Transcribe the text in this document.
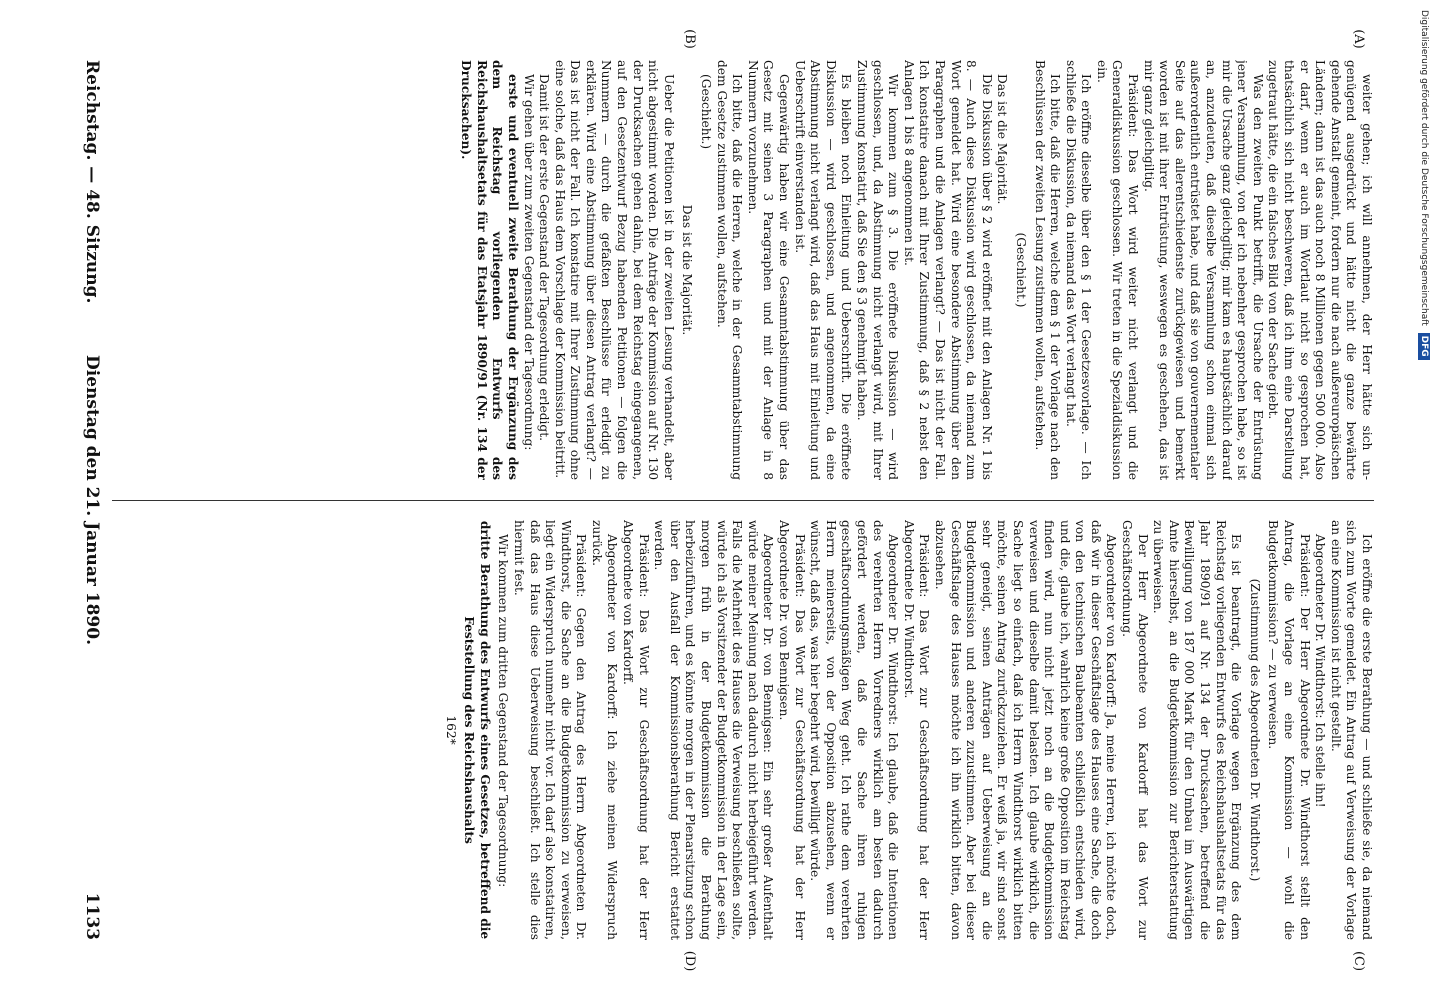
Reichstag. — 48. Sitzung.
Dienstag den 21. Januar 1890.
1133
(A)
(B)
(C)
(D)

weiter gehen; ich will annehmen, der Herr hätte sich ungenügend ausgedrückt und hätte nicht die ganze bewährte gehende Anstalt gemeint, fordern nur die nach außereuropäischen Ländern; dann ist das auch noch 8 Millionen gegen 500 000. Also er darf, wenn er auch im Wortlaut nicht so gesprochen hat, thatsächlich sich nicht beschweren, daß ich ihm eine Darstellung zugetraut hätte, die ein falsches Bild von der Sache giebt.

Was den zweiten Punkt betrifft, die Ursache der Entrüstung jener Versammlung, von der ich nebenher gesprochen habe, so ist mir die Ursache ganz gleichgiltig; mir kam es hauptsächlich darauf an, anzudeuten, daß dieselbe Versammlung schon einmal sich außerordentlich entrüstet habe, und daß sie von gouvernementaler Seite auf das allerentschiedenste zurückgewiesen und bemerkt worden ist mit ihrer Entrüstung, weswegen es geschehen, das ist mir ganz gleichgiltig.

Präsident: Das Wort wird weiter nicht verlangt und die Generaldiskussion geschlossen. Wir treten in die Spezialdiskussion ein.

Ich eröffne dieselbe über den § 1 der Gesetzesvorlage. — Ich schließe die Diskussion, da niemand das Wort verlangt hat.

Ich bitte, daß die Herren, welche dem § 1 der Vorlage nach den Beschlüssen der zweiten Lesung zustimmen wollen, aufstehen.

(Geschieht.)

Das ist die Majorität.

Die Diskussion über § 2 wird eröffnet mit den Anlagen Nr. 1 bis 8. — Auch diese Diskussion wird geschlossen, da niemand zum Wort gemeldet hat. Wird eine besondere Abstimmung über den Paragraphen und die Anlagen verlangt? — Das ist nicht der Fall. Ich konstatire danach mit Ihrer Zustimmung, daß § 2 nebst den Anlagen 1 bis 8 angenommen ist.

Wir kommen zum § 3. Die eröffnete Diskussion — wird geschlossen, und, da Abstimmung nicht verlangt wird, mit Ihrer Zustimmung konstatirt, daß Sie den § 3 genehmigt haben.

Es bleiben noch Einleitung und Ueberschrift. Die eröffnete Diskussion — wird geschlossen, und angenommen, da eine Abstimmung nicht verlangt wird, daß das Haus mit Einleitung und Ueberschrift einverstanden ist.

Gegenwärtig haben wir eine Gesammtabstimmung über das Gesetz mit seinen 3 Paragraphen und mit der Anlage in 8 Nummern vorzunehmen.

Ich bitte, daß die Herren, welche in der Gesammtabstimmung dem Gesetze zustimmen wollen, aufstehen.

(Geschieht.)

Das ist die Majorität.

Ueber die Petitionen ist in der zweiten Lesung verhandelt, aber nicht abgestimmt worden. Die Anträge der Kommission auf Nr. 130 der Drucksachen gehen dahin, bei dem Reichstag eingegangenen, auf den Gesetzentwurf Bezug habenden Petitionen — folgen die Nummern — durch die gefaßten Beschlüsse für erledigt zu erklären. Wird eine Abstimmung über diesen Antrag verlangt? — Das ist nicht der Fall. Ich konstatire mit Ihrer Zustimmung ohne eine solche, daß das Haus dem Vorschlage der Kommission beitritt.

Damit ist der erste Gegenstand der Tagesordnung erledigt.

Wir gehen über zum zweiten Gegenstand der Tagesordnung:

erste und eventuell zweite Berathung der Ergänzung des dem Reichstag vorliegenden Entwurfs des Reichshaushaltsetats für das Etatsjahr 1890/91 (Nr. 134 der Drucksachen).

Ich eröffne die erste Berathung — und schließe sie, da niemand sich zum Worte gemeldet. Ein Antrag auf Verweisung der Vorlage an eine Kommission ist nicht gestellt.

Abgeordneter Dr. Windthorst: Ich stelle ihn!

Präsident: Der Herr Abgeordnete Dr. Windthorst stellt den Antrag, die Vorlage an eine Kommission — wohl die Budgetkommission? — zu verweisen.

(Zustimmung des Abgeordneten Dr. Windthorst.)

Es ist beantragt, die Vorlage wegen Ergänzung des dem Reichstag vorliegenden Entwurfs des Reichshaushaltsetats für das Jahr 1890/91 auf Nr. 134 der Drucksachen, betreffend die Bewilligung von 187 000 Mark für den Umbau im Auswärtigen Amte hierselbst, an die Budgetkommission zur Berichterstattung zu überweisen.

Der Herr Abgeordnete von Kardorff hat das Wort zur Geschäftsordnung.

Abgeordneter von Kardorff: Ja, meine Herren, ich möchte doch, daß wir in dieser Geschäftslage des Hauses eine Sache, die doch von den technischen Baubeamten schließlich entschieden wird, und die, glaube ich, wahrlich keine große Opposition im Reichstag finden wird, nun nicht jetzt noch an die Budgetkommission verweisen und dieselbe damit belasten. Ich glaube wirklich, die Sache liegt so einfach, daß ich Herrn Windthorst wirklich bitten möchte, seinen Antrag zurückzuziehen. Er weiß ja, wir sind sonst sehr geneigt, seinen Anträgen auf Ueberweisung an die Budgetkommission und anderen zuzustimmen. Aber bei dieser Geschäftslage des Hauses möchte ich ihn wirklich bitten, davon abzusehen.

Präsident: Das Wort zur Geschäftsordnung hat der Herr Abgeordnete Dr. Windthorst.

Abgeordneter Dr. Windthorst: Ich glaube, daß die Intentionen des verehrten Herrn Vorredners wirklich am besten dadurch gefördert werden, daß die Sache ihren ruhigen geschäftsordnungsmäßigen Weg geht. Ich rathe dem verehrten Herrn meinerseits, von der Opposition abzusehen, wenn er wünscht, daß das, was hier begehrt wird, bewilligt würde.

Präsident: Das Wort zur Geschäftsordnung hat der Herr Abgeordnete Dr. von Bennigsen.

Abgeordneter Dr. von Bennigsen: Ein sehr großer Aufenthalt würde meiner Meinung nach dadurch nicht herbeigeführt werden. Falls die Mehrheit des Hauses die Verweisung beschließen sollte, würde ich als Vorsitzender der Budgetkommission in der Lage sein, morgen früh in der Budgetkommission die Berathung herbeizuführen, und es könnte morgen in der Plenarsitzung schon über den Ausfall der Kommissionsberathung Bericht erstattet werden.

Präsident: Das Wort zur Geschäftsordnung hat der Herr Abgeordnete von Kardorff.

Abgeordneter von Kardorff: Ich ziehe meinen Widerspruch zurück.

Präsident: Gegen den Antrag des Herrn Abgeordneten Dr. Windthorst, die Sache an die Budgetkommission zu verweisen, liegt ein Widerspruch nunmehr nicht vor. Ich darf also konstatiren, daß das Haus diese Ueberweisung beschließt. Ich stelle dies hiermit fest.

Wir kommen zum dritten Gegenstand der Tagesordnung:

dritte Berathung des Entwurfs eines Gesetzes, betreffend die Feststellung des Reichshaushalts

162*

Digitalisierung gefördert durch die Deutsche Forschungsgemeinschaft DFG
